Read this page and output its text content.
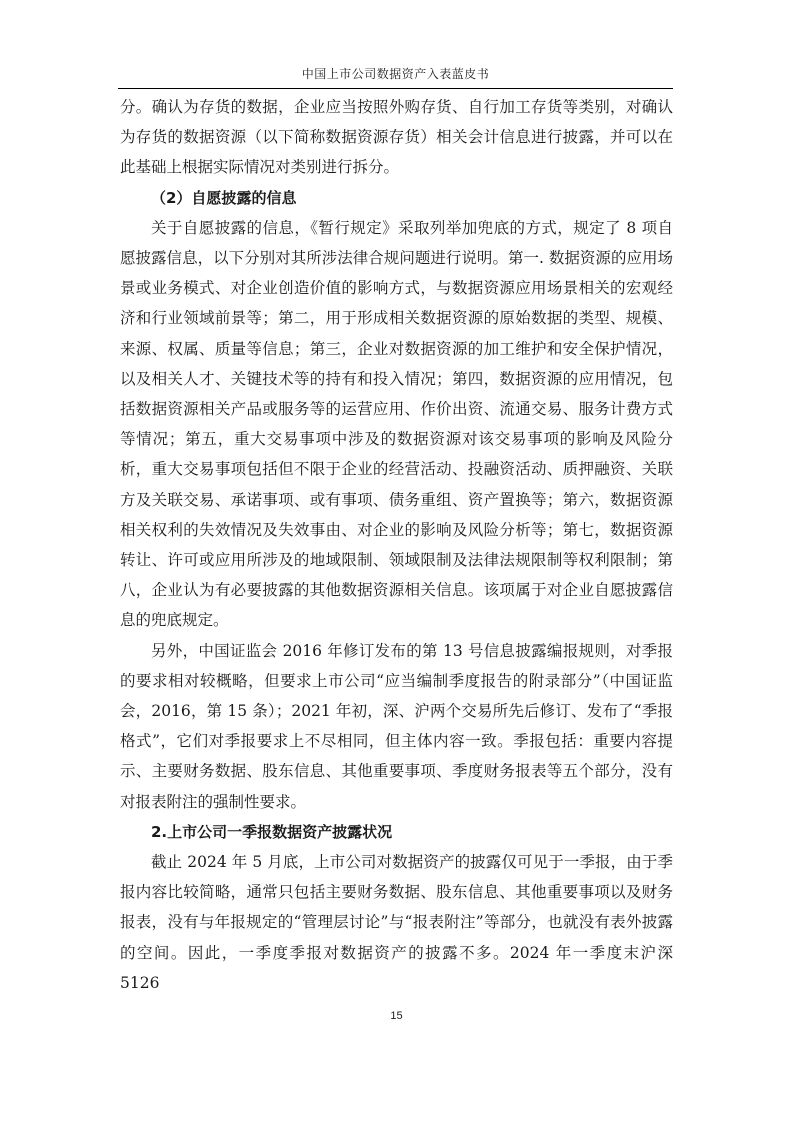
中国上市公司数据资产入表蓝皮书

分。确认为存货的数据，企业应当按照外购存货、自行加工存货等类别，对确认为存货的数据资源（以下简称数据资源存货）相关会计信息进行披露，并可以在此基础上根据实际情况对类别进行拆分。

（2）自愿披露的信息

关于自愿披露的信息，《暂行规定》采取列举加兜底的方式，规定了 8 项自愿披露信息，以下分别对其所涉法律合规问题进行说明。第一. 数据资源的应用场景或业务模式、对企业创造价值的影响方式，与数据资源应用场景相关的宏观经济和行业领域前景等；第二，用于形成相关数据资源的原始数据的类型、规模、来源、权属、质量等信息；第三，企业对数据资源的加工维护和安全保护情况，以及相关人才、关键技术等的持有和投入情况；第四，数据资源的应用情况，包括数据资源相关产品或服务等的运营应用、作价出资、流通交易、服务计费方式等情况；第五，重大交易事项中涉及的数据资源对该交易事项的影响及风险分析，重大交易事项包括但不限于企业的经营活动、投融资活动、质押融资、关联方及关联交易、承诺事项、或有事项、债务重组、资产置换等；第六，数据资源相关权利的失效情况及失效事由、对企业的影响及风险分析等；第七，数据资源转让、许可或应用所涉及的地域限制、领域限制及法律法规限制等权利限制；第八，企业认为有必要披露的其他数据资源相关信息。该项属于对企业自愿披露信息的兜底规定。

另外，中国证监会 2016 年修订发布的第 13 号信息披露编报规则，对季报的要求相对较概略，但要求上市公司“应当编制季度报告的附录部分”（中国证监会，2016，第 15 条）；2021 年初，深、沪两个交易所先后修订、发布了“季报格式”，它们对季报要求上不尽相同，但主体内容一致。季报包括：重要内容提示、主要财务数据、股东信息、其他重要事项、季度财务报表等五个部分，没有对报表附注的强制性要求。

2.上市公司一季报数据资产披露状况

截止 2024 年 5 月底，上市公司对数据资产的披露仅可见于一季报，由于季报内容比较简略，通常只包括主要财务数据、股东信息、其他重要事项以及财务报表，没有与年报规定的“管理层讨论”与“报表附注”等部分，也就没有表外披露的空间。因此，一季度季报对数据资产的披露不多。2024 年一季度末沪深 5126

15
